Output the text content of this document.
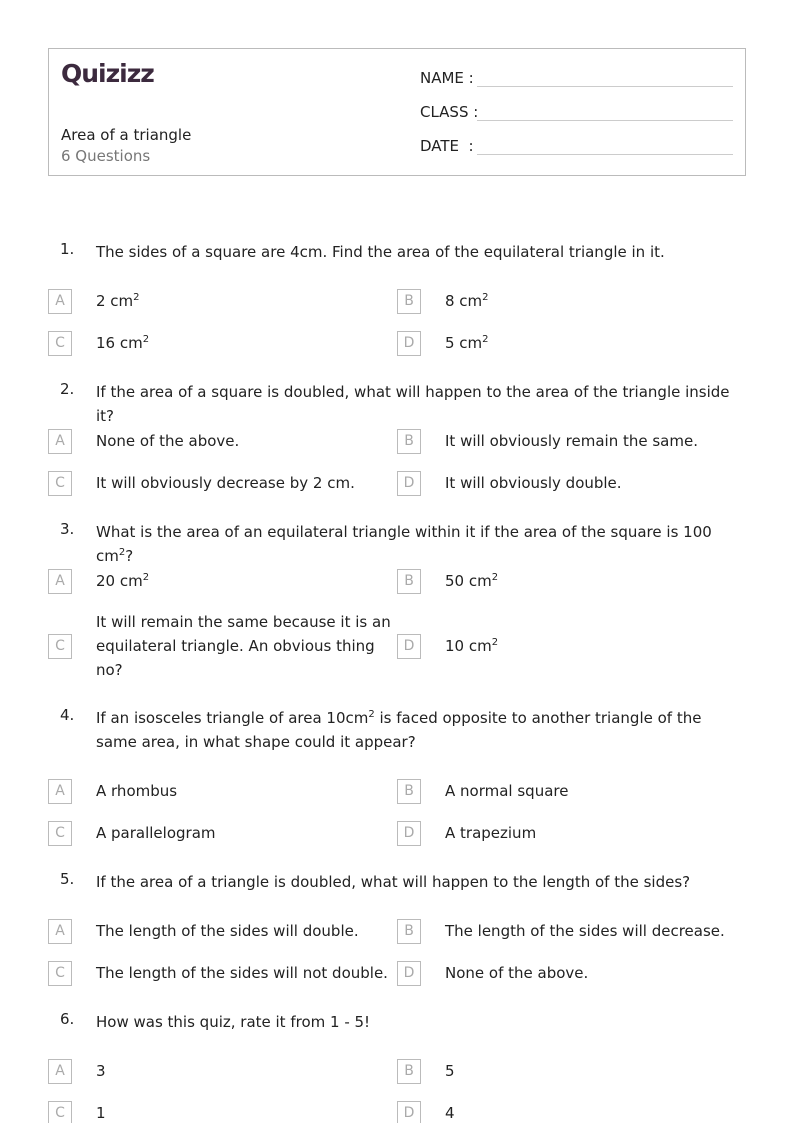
Quizizz
Area of a triangle
6 Questions
NAME :
CLASS :
DATE  :
1. The sides of a square are 4cm. Find the area of the equilateral triangle in it.
A	2 $cm^2$	B	8 $cm^2$
C	16 $cm^2$	D	5 $cm^2$
2. If the area of a square is doubled, what will happen to the area of the triangle inside it?
A	None of the above.	B	It will obviously remain the same.
C	It will obviously decrease by 2 cm.	D	It will obviously double.
3. What is the area of an equilateral triangle within it if the area of the square is 100 $cm^2$?
A	20 $cm^2$	B	50 $cm^2$
C
It will remain the same because it is an equilateral triangle. An obvious thing no?
D	10 $cm^2$
4. If an isosceles triangle of area $10cm^2$ is faced opposite to another triangle of the same area, in what shape could it appear?
A	A rhombus	B	A normal square
C	A parallelogram	D	A trapezium
5. If the area of a triangle is doubled, what will happen to the length of the sides?
A	The length of the sides will double.	B	The length of the sides will decrease.
C	The length of the sides will not double.	D	None of the above.
6. How was this quiz, rate it from 1 - 5!
A	3	B	5
C	1	D	4
